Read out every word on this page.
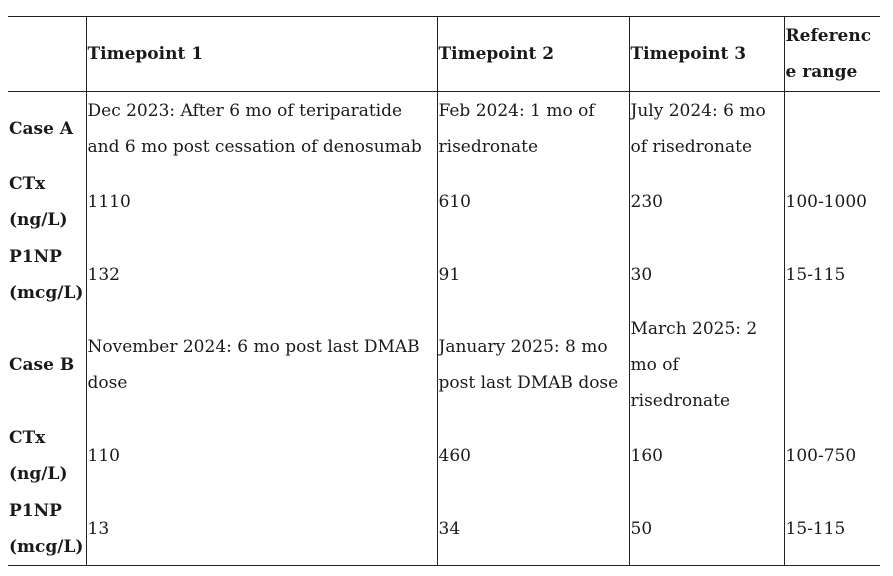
	Timepoint 1	Timepoint 2	Timepoint 3	Reference range
Case A	Dec 2023: After 6 mo of teriparatide and 6 mo post cessation of denosumab	Feb 2024: 1 mo of risedronate	July 2024: 6 mo of risedronate	
CTx (ng/L)	1110	610	230	100-1000
P1NP (mcg/L)	132	91	30	15-115
Case B	November 2024: 6 mo post last DMAB dose	January 2025: 8 mo post last DMAB dose	March 2025: 2 mo of risedronate	
CTx (ng/L)	110	460	160	100-750
P1NP (mcg/L)	13	34	50	15-115
